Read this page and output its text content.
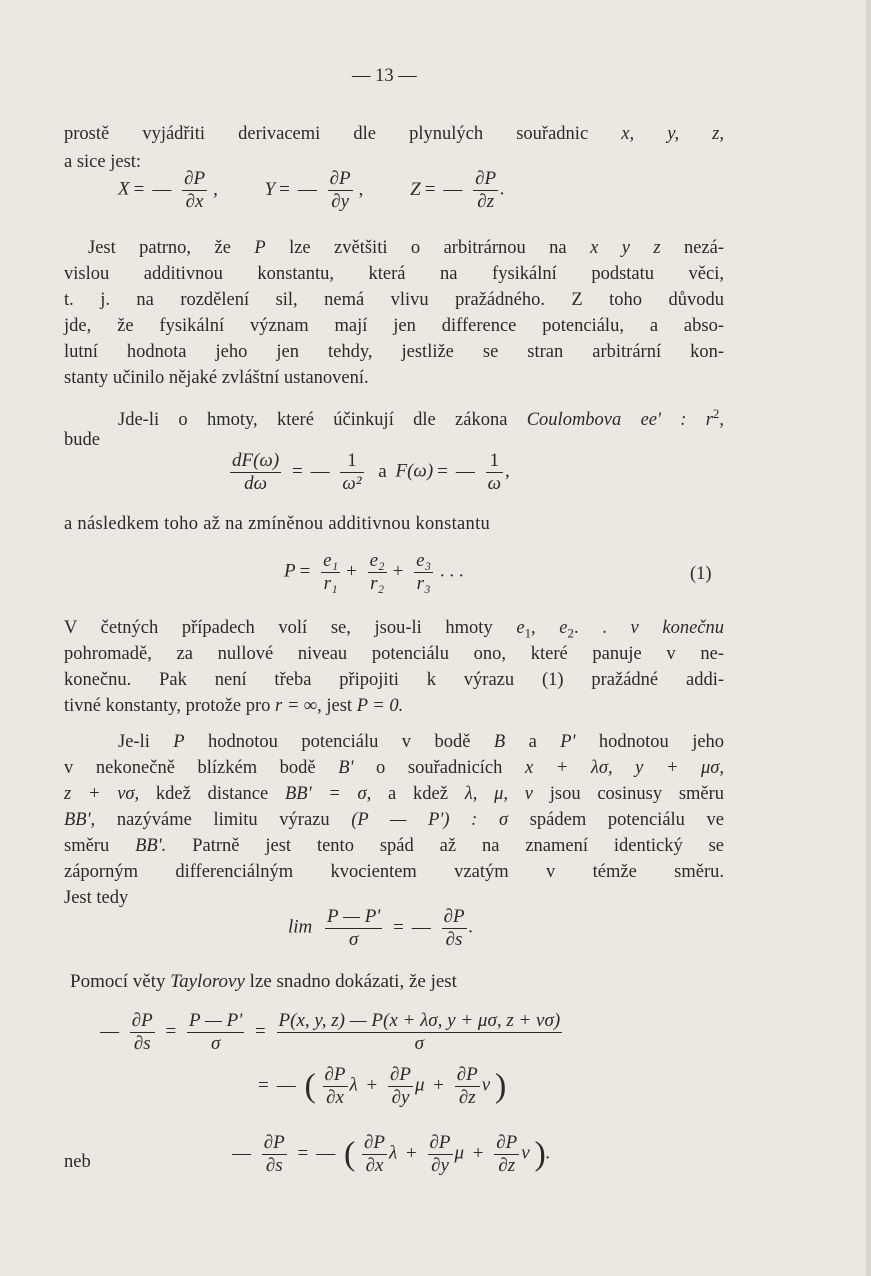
— 13 —
prostě vyjádřiti derivacemi dle plynulých souřadnic x, y, z,
a sice jest:
X = — $\frac{\partial P}{\partial x}$ , Y = — $\frac{\partial P}{\partial y}$ , Z = — $\frac{\partial P}{\partial z}$ .
Jest patrno, že P lze zvětšiti o arbitrárnou na x y z nezá-
vislou additivnou konstantu, která na fysikální podstatu věci,
t. j. na rozdělení sil, nemá vlivu pražádného. Z toho důvodu
jde, že fysikální význam mají jen difference potenciálu, a abso-
lutní hodnota jeho jen tehdy, jestliže se stran arbitrární kon-
stanty učinilo nějaké zvláštní ustanovení.
Jde-li o hmoty, které účinkují dle zákona Coulombova ee' : $r^2$,
bude
$\frac{dF(\omega)}{d\omega}$ = — $\frac{1}{\text{ω²}}$ a F(ω) = — $\frac{1}{\omega}$ ,
a následkem toho až na zmíněnou additivnou konstantu
$P = \frac{\text{e₁}}{\text{r₁}} + \frac{\text{e₂}}{\text{r₂}} + \frac{\text{e₃}}{\text{r₃}}$ . . .	(1)
V četných případech volí se, jsou-li hmoty $e_1$, $e_2$. . v konečnu
pohromadě, za nullové niveau potenciálu ono, které panuje v ne-
konečnu. Pak není třeba připojiti k výrazu (1) pražádné addi-
tivné konstanty, protože pro r = ∞, jest P = 0.
Je-li P hodnotou potenciálu v bodě B a P' hodnotou jeho
v nekonečně blízkém bodě B' o souřadnicích x + λσ, y + μσ,
z + νσ, kdež distance BB' = σ, a kdež λ, μ, ν jsou cosinusy směru
BB', nazýváme limitu výrazu (P — P') : σ spádem potenciálu ve
směru BB'. Patrně jest tento spád až na znamení identický se
záporným differenciálným kvocientem vzatým v témže směru.
Jest tedy
$\lim \frac{P — P'}{\sigma}$ = — $\frac{\partial P}{\partial s}$ .
Pomocí věty Taylorovy lze snadno dokázati, že jest
— $\frac{\partial P}{\partial s} = \frac{P — P'}{\sigma} = \frac{P(x, y, z) — P(x + \lambda\sigma, y + \mu\sigma, z + \nu\sigma)}{\sigma}$
= — ( $\frac{\partial P}{\partial x}$ $\lambda + \frac{\partial P}{\partial y}$ $\mu + \frac{\partial P}{\partial z}$ ν )
neb	— $\frac{\partial P}{\partial s}$ = — ( $\frac{\partial P}{\partial x}$ $\lambda + \frac{\partial P}{\partial y}$ $\mu + \frac{\partial P}{\partial z}$ ν ).
